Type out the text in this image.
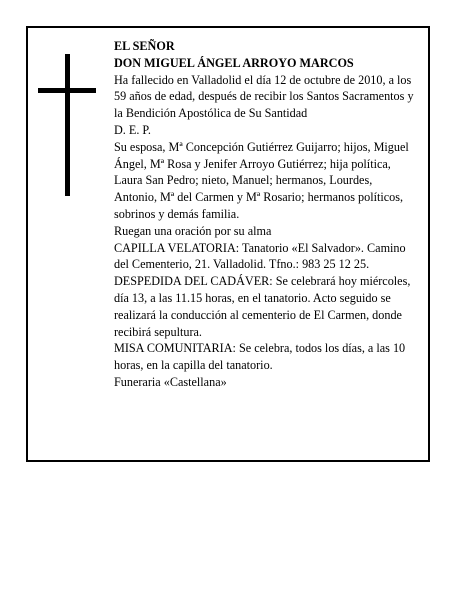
EL SEÑOR

DON MIGUEL ÁNGEL ARROYO MARCOS

Ha fallecido en Valladolid el día 12 de octubre de 2010, a los 59 años de edad, después de recibir los Santos Sacramentos y la Bendición Apostólica de Su Santidad

D. E. P.

Su esposa, Mª Concepción Gutiérrez Guijarro; hijos, Miguel Ángel, Mª Rosa y Jenifer Arroyo Gutiérrez; hija política, Laura San Pedro; nieto, Manuel; hermanos, Lourdes, Antonio, Mª del Carmen y Mª Rosario; hermanos políticos, sobrinos y demás familia.

Ruegan una oración por su alma

CAPILLA VELATORIA: Tanatorio «El Salvador». Camino del Cementerio, 21. Valladolid. Tfno.: 983 25 12 25.

DESPEDIDA DEL CADÁVER: Se celebrará hoy miércoles, día 13, a las 11.15 horas, en el tanatorio. Acto seguido se realizará la conducción al cementerio de El Carmen, donde recibirá sepultura.

MISA COMUNITARIA: Se celebra, todos los días, a las 10 horas, en la capilla del tanatorio.

Funeraria «Castellana»
